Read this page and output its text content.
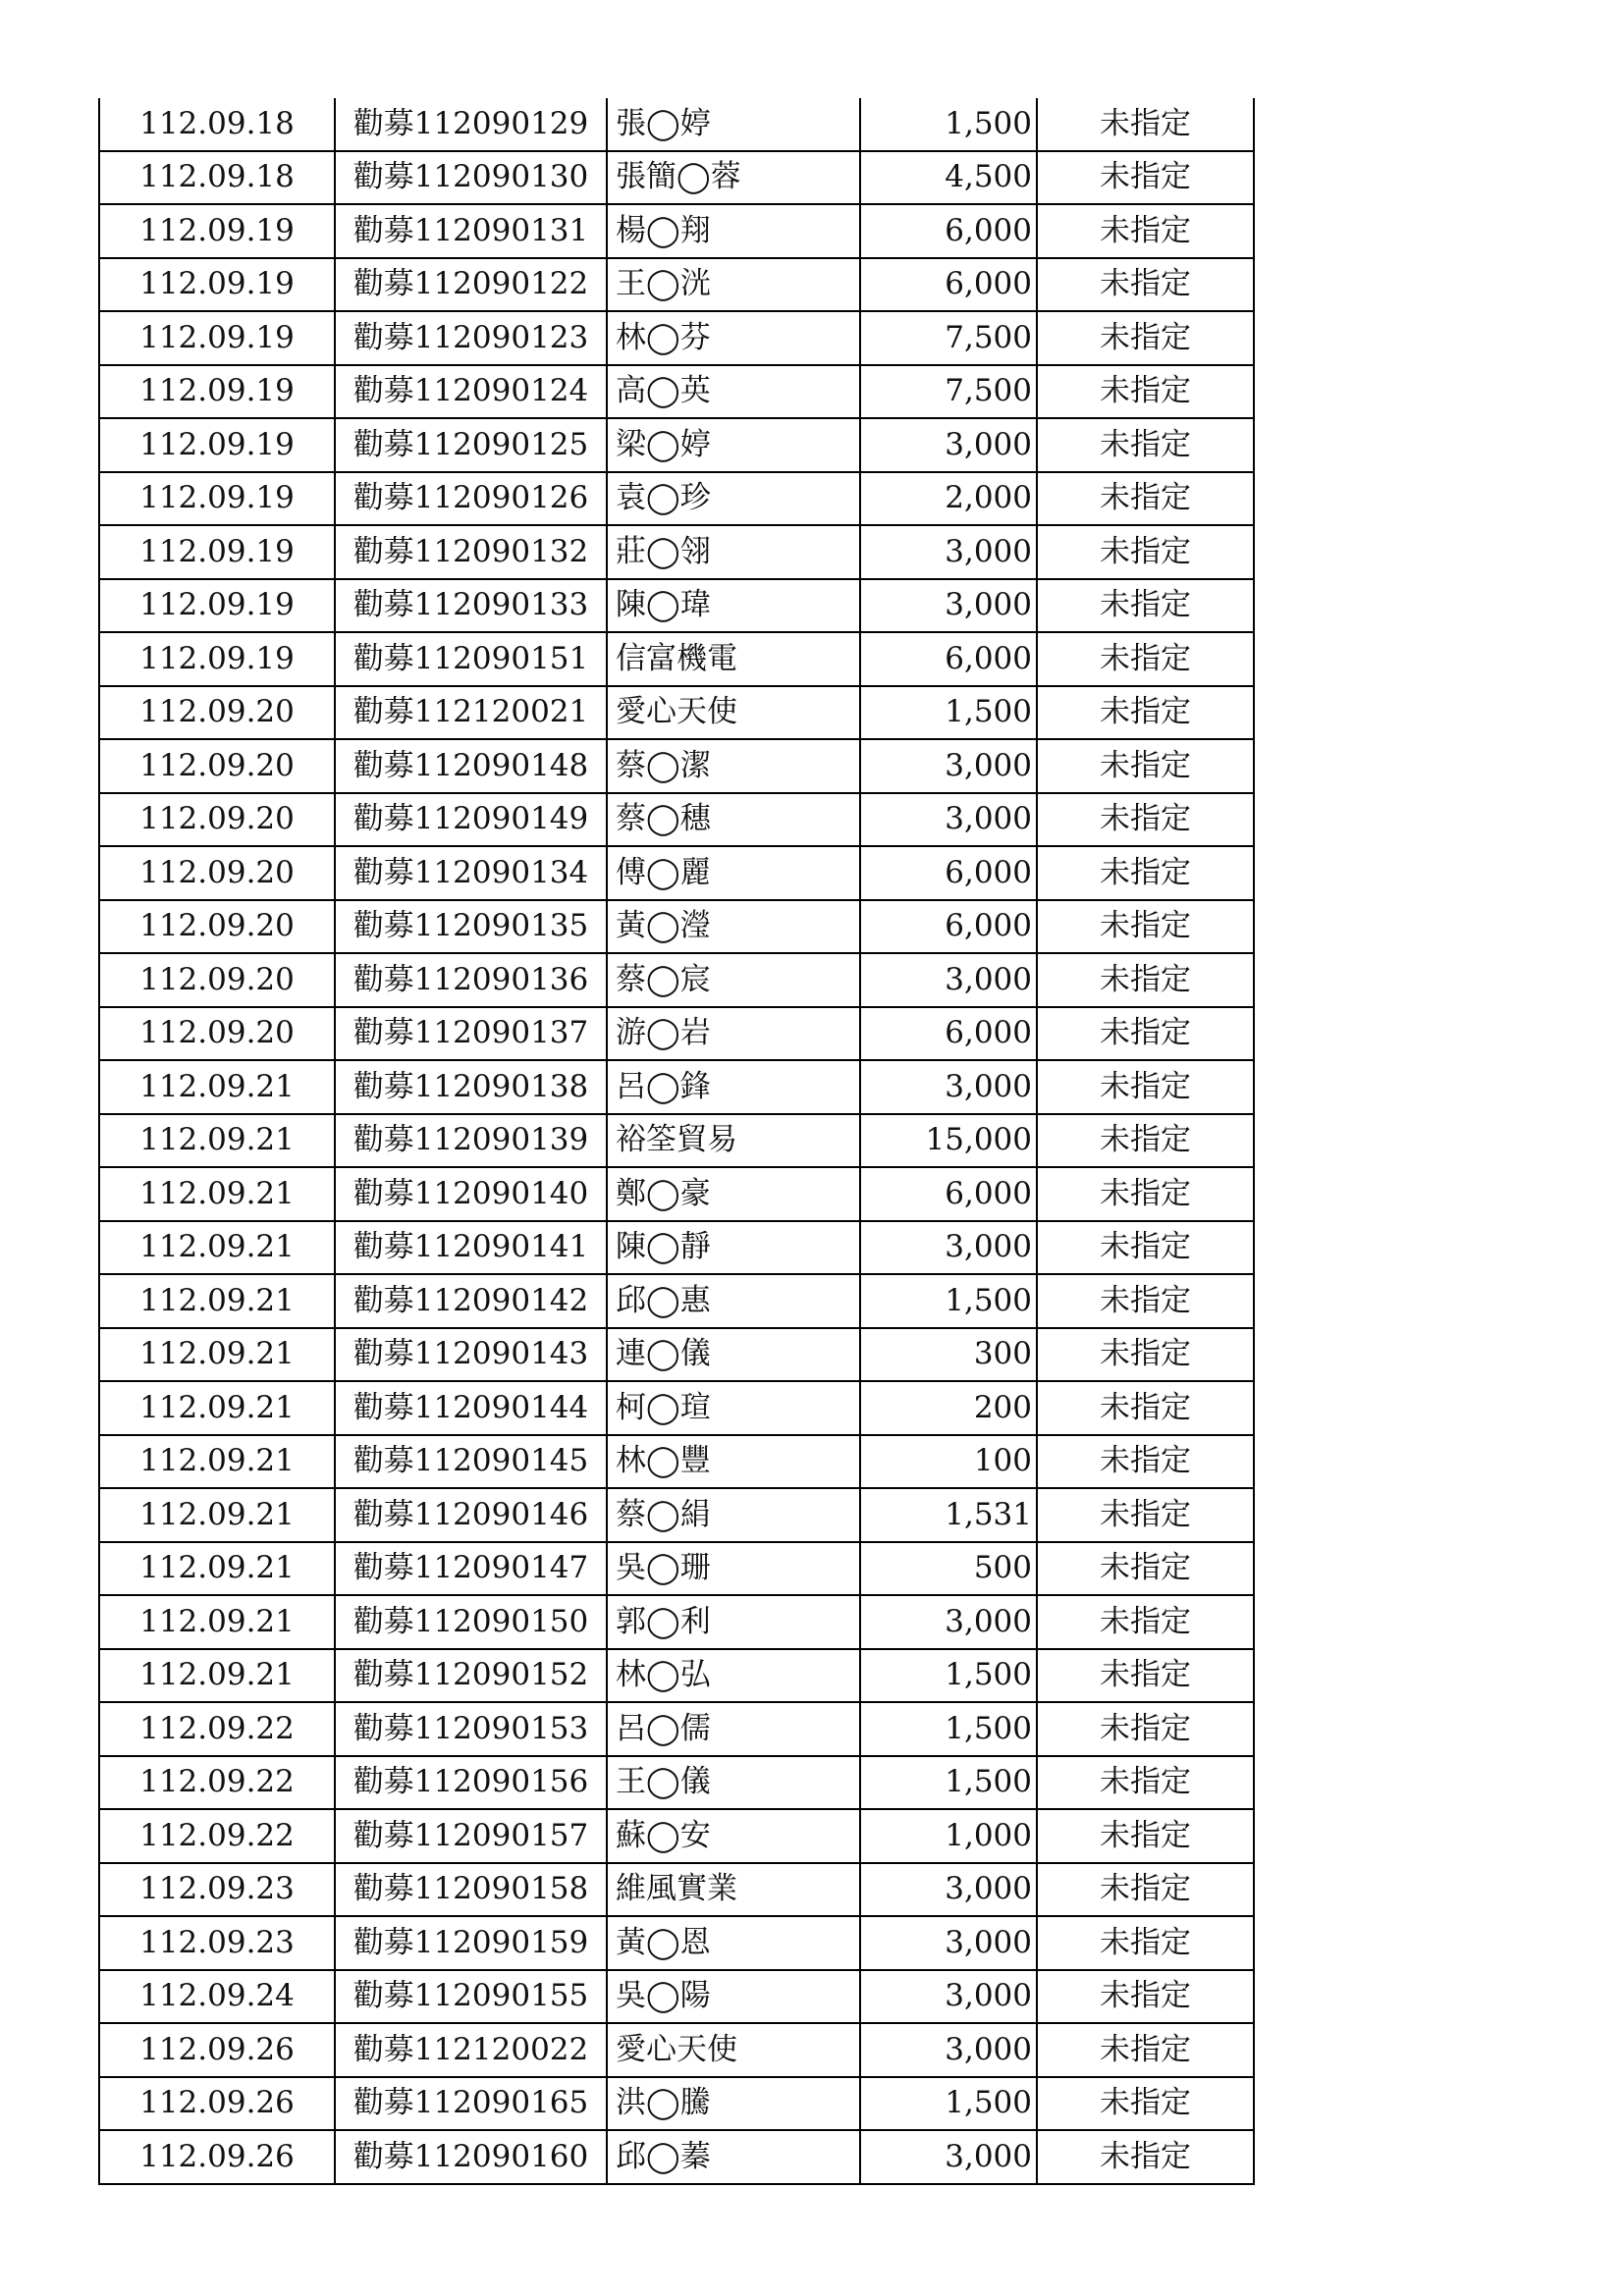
112.09.18	勸募112090129	張◯婷	1,500	未指定
112.09.18	勸募112090130	張簡◯蓉	4,500	未指定
112.09.19	勸募112090131	楊◯翔	6,000	未指定
112.09.19	勸募112090122	王◯洸	6,000	未指定
112.09.19	勸募112090123	林◯芬	7,500	未指定
112.09.19	勸募112090124	高◯英	7,500	未指定
112.09.19	勸募112090125	梁◯婷	3,000	未指定
112.09.19	勸募112090126	袁◯珍	2,000	未指定
112.09.19	勸募112090132	莊◯翎	3,000	未指定
112.09.19	勸募112090133	陳◯瑋	3,000	未指定
112.09.19	勸募112090151	信富機電	6,000	未指定
112.09.20	勸募112120021	愛心天使	1,500	未指定
112.09.20	勸募112090148	蔡◯潔	3,000	未指定
112.09.20	勸募112090149	蔡◯穗	3,000	未指定
112.09.20	勸募112090134	傅◯麗	6,000	未指定
112.09.20	勸募112090135	黃◯瀅	6,000	未指定
112.09.20	勸募112090136	蔡◯宸	3,000	未指定
112.09.20	勸募112090137	游◯岩	6,000	未指定
112.09.21	勸募112090138	呂◯鋒	3,000	未指定
112.09.21	勸募112090139	裕筌貿易	15,000	未指定
112.09.21	勸募112090140	鄭◯豪	6,000	未指定
112.09.21	勸募112090141	陳◯靜	3,000	未指定
112.09.21	勸募112090142	邱◯惠	1,500	未指定
112.09.21	勸募112090143	連◯儀	300	未指定
112.09.21	勸募112090144	柯◯瑄	200	未指定
112.09.21	勸募112090145	林◯豐	100	未指定
112.09.21	勸募112090146	蔡◯絹	1,531	未指定
112.09.21	勸募112090147	吳◯珊	500	未指定
112.09.21	勸募112090150	郭◯利	3,000	未指定
112.09.21	勸募112090152	林◯弘	1,500	未指定
112.09.22	勸募112090153	呂◯儒	1,500	未指定
112.09.22	勸募112090156	王◯儀	1,500	未指定
112.09.22	勸募112090157	蘇◯安	1,000	未指定
112.09.23	勸募112090158	維風實業	3,000	未指定
112.09.23	勸募112090159	黃◯恩	3,000	未指定
112.09.24	勸募112090155	吳◯陽	3,000	未指定
112.09.26	勸募112120022	愛心天使	3,000	未指定
112.09.26	勸募112090165	洪◯騰	1,500	未指定
112.09.26	勸募112090160	邱◯蓁	3,000	未指定
